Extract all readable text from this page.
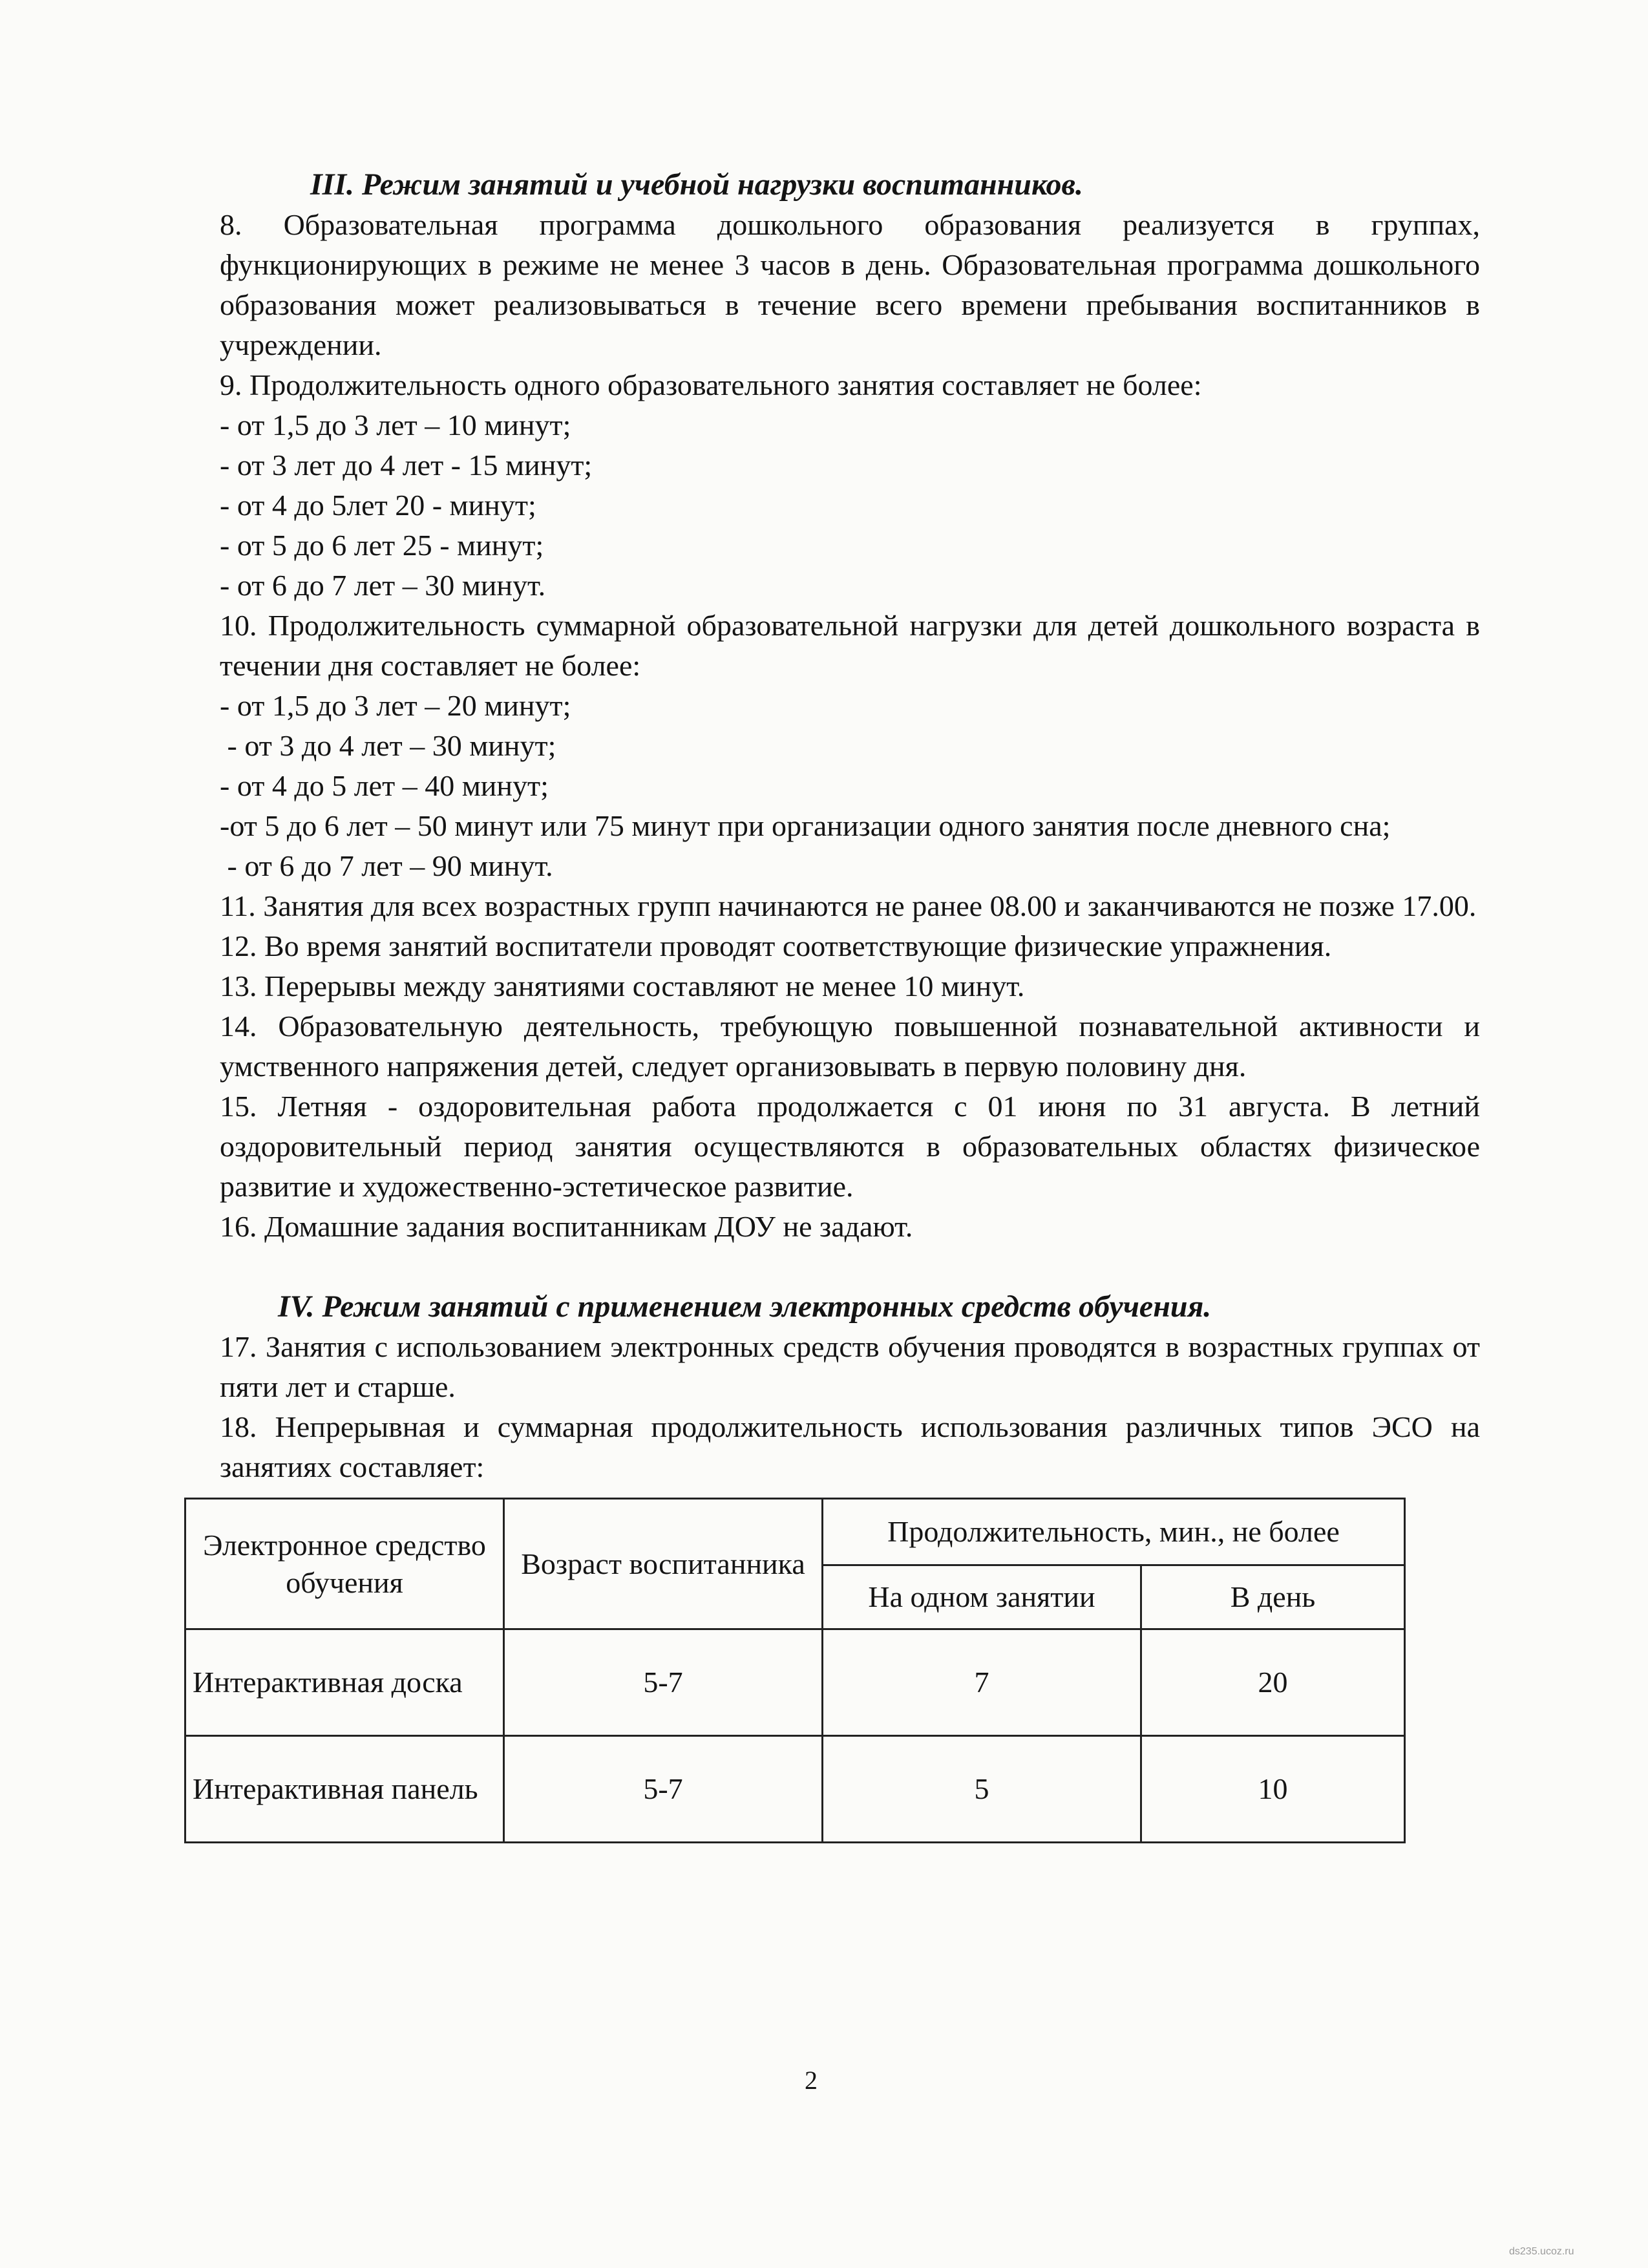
III. Режим занятий и учебной нагрузки воспитанников.

8. Образовательная программа дошкольного образования реализуется в группах, функционирующих в режиме не менее 3 часов в день. Образовательная программа дошкольного образования может реализовываться в течение всего времени пребывания воспитанников в учреждении.

9. Продолжительность одного образовательного занятия составляет не более:

- от 1,5 до 3 лет – 10 минут;

- от 3 лет до 4 лет - 15 минут;

- от 4 до 5лет 20 - минут;

- от 5 до 6 лет 25 - минут;

- от 6 до 7 лет – 30 минут.

10. Продолжительность суммарной образовательной нагрузки для детей дошкольного возраста в течении дня составляет не более:

- от 1,5 до 3 лет – 20 минут;

- от 3 до 4 лет – 30 минут;

- от 4 до 5 лет – 40 минут;

-от 5 до 6 лет – 50 минут или 75 минут при организации одного занятия после дневного сна;

- от 6 до 7 лет – 90 минут.

11. Занятия для всех возрастных групп начинаются не ранее 08.00 и заканчиваются не позже 17.00.

12. Во время занятий воспитатели проводят соответствующие физические упражнения.

13. Перерывы между занятиями составляют не менее 10 минут.

14. Образовательную деятельность, требующую повышенной познавательной активности и умственного напряжения детей, следует организовывать в первую половину дня.

15. Летняя - оздоровительная работа продолжается с 01 июня по 31 августа. В летний оздоровительный период занятия осуществляются в образовательных областях физическое развитие и художественно-эстетическое развитие.

16. Домашние задания воспитанникам ДОУ не задают.

IV. Режим занятий с применением электронных средств обучения.

17. Занятия с использованием электронных средств обучения проводятся в возрастных группах от пяти лет и старше.

18. Непрерывная и суммарная продолжительность использования различных типов ЭСО на занятиях составляет:

Электронное средство обучения	Возраст воспитанника	Продолжительность, мин., не более	
		На одном занятии	В день
Интерактивная доска	5-7	7	20
Интерактивная панель	5-7	5	10
2
ds235.ucoz.ru
